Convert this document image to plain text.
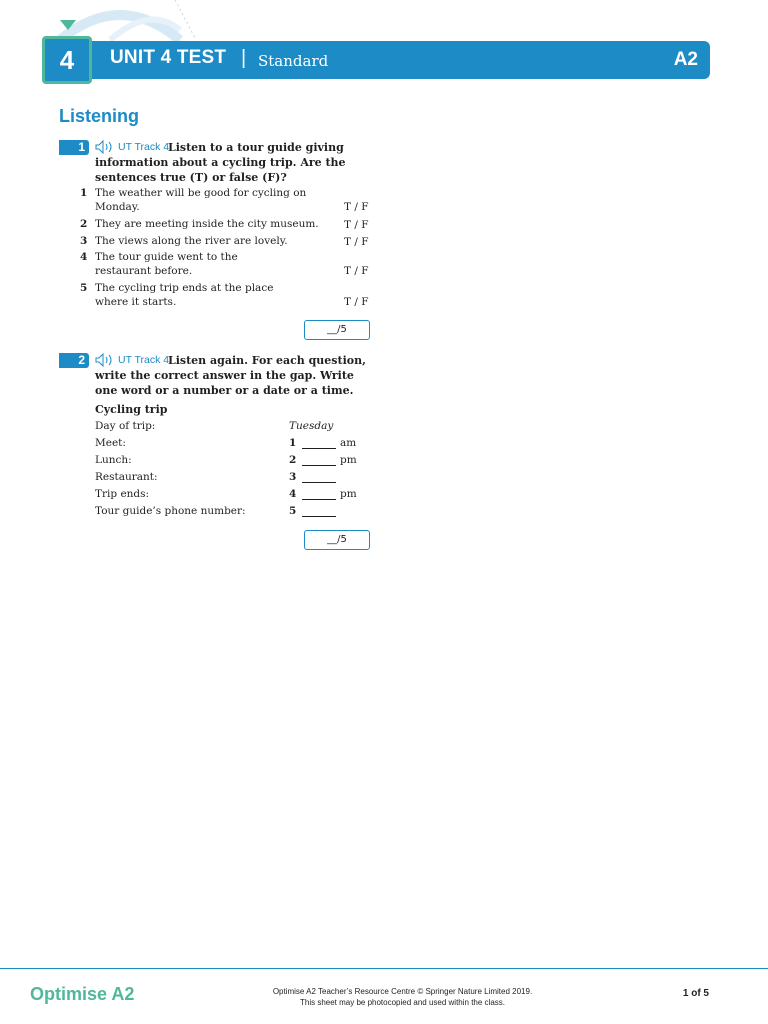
4	UNIT 4 TEST | Standard	A2
Listening
1	UT Track 4

Listen to a tour guide giving information about a cycling trip. Are the sentences true (T) or false (F)?

1 The weather will be good for cycling on Monday.	T / F
2 They are meeting inside the city museum.	T / F
3 The views along the river are lovely.	T / F
4 The tour guide went to the restaurant before.	T / F
5 The cycling trip ends at the place where it starts.	T / F
__/5
2	UT Track 4

Listen again. For each question, write the correct answer in the gap. Write one word or a number or a date or a time.

Cycling trip
Day of trip:	Tuesday
Meet:	1	am
Lunch:	2	pm
Restaurant:	3
Trip ends:	4	pm
Tour guide’s phone number:	5
__/5
Optimise A2	Optimise A2 Teacher’s Resource Centre © Springer Nature Limited 2019.
This sheet may be photocopied and used within the class.
1 of 5
